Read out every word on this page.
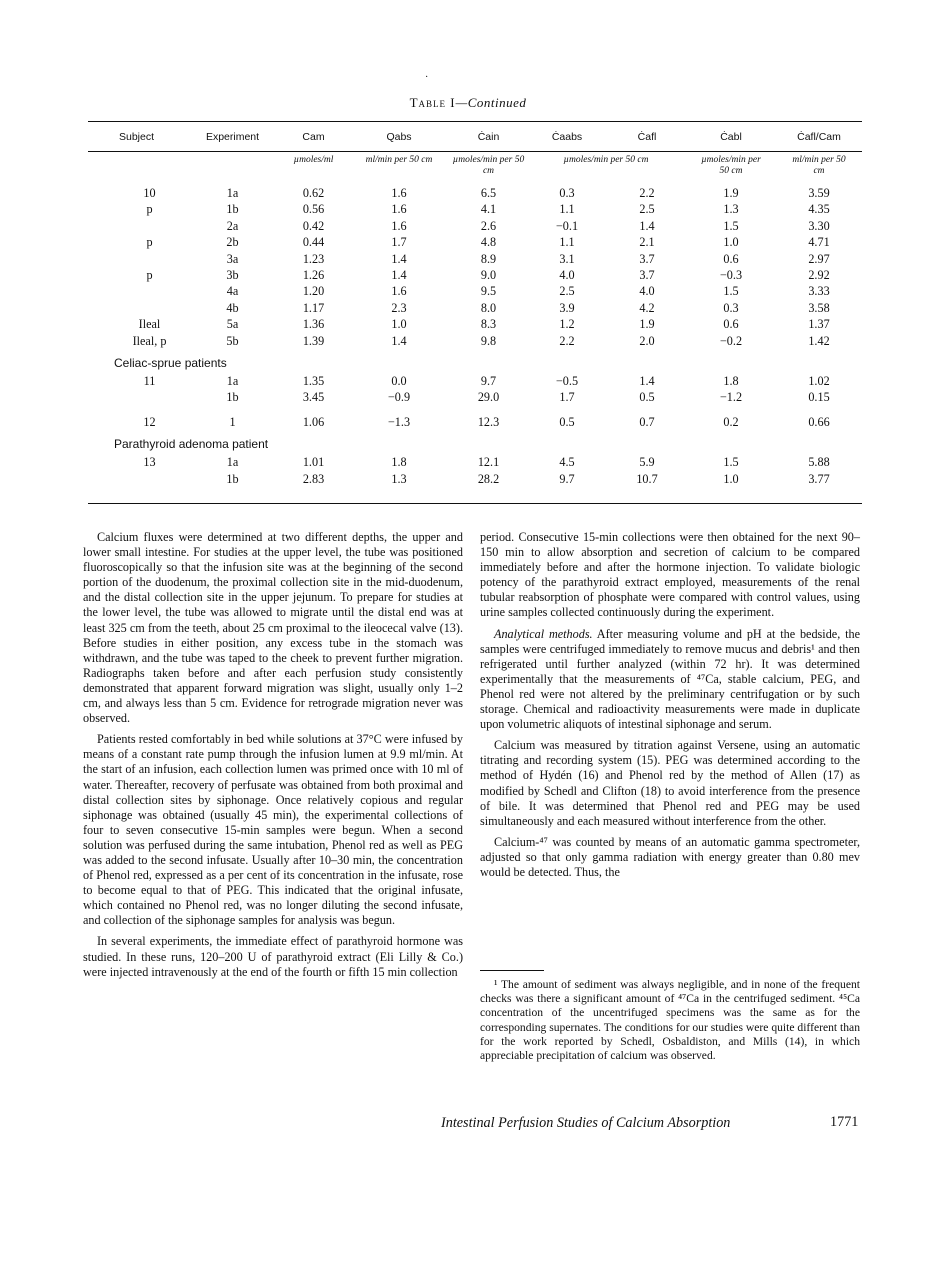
·
Table I—Continued
Subject	Experiment	Cam	Qabs	Ċain	Ċaabs	Ċafl	Ċabl	Ċafl/Cam
		µmoles/ml	ml/min per 50 cm	µmoles/min per 50 cm	µmoles/min per 50 cm		µmoles/min per 50 cm	ml/min per 50 cm
10	1a	0.62	1.6	6.5	0.3	2.2	1.9	3.59
p	1b	0.56	1.6	4.1	1.1	2.5	1.3	4.35
	2a	0.42	1.6	2.6	−0.1	1.4	1.5	3.30
p	2b	0.44	1.7	4.8	1.1	2.1	1.0	4.71
	3a	1.23	1.4	8.9	3.1	3.7	0.6	2.97
p	3b	1.26	1.4	9.0	4.0	3.7	−0.3	2.92
	4a	1.20	1.6	9.5	2.5	4.0	1.5	3.33
	4b	1.17	2.3	8.0	3.9	4.2	0.3	3.58
Ileal	5a	1.36	1.0	8.3	1.2	1.9	0.6	1.37
Ileal, p	5b	1.39	1.4	9.8	2.2	2.0	−0.2	1.42
Celiac-sprue patients								
11	1a	1.35	0.0	9.7	−0.5	1.4	1.8	1.02
	1b	3.45	−0.9	29.0	1.7	0.5	−1.2	0.15

12	1	1.06	−1.3	12.3	0.5	0.7	0.2	0.66
Parathyroid adenoma patient								
13	1a	1.01	1.8	12.1	4.5	5.9	1.5	5.88
	1b	2.83	1.3	28.2	9.7	10.7	1.0	3.77

Calcium fluxes were determined at two different depths, the upper and lower small intestine. For studies at the upper level, the tube was positioned fluoroscopically so that the infusion site was at the beginning of the second portion of the duodenum, the proximal collection site in the mid-duodenum, and the distal collection site in the upper jejunum. To prepare for studies at the lower level, the tube was allowed to migrate until the distal end was at least 325 cm from the teeth, about 25 cm proximal to the ileocecal valve (13). Before studies in either position, any excess tube in the stomach was withdrawn, and the tube was taped to the cheek to prevent further migration. Radiographs taken before and after each perfusion study consistently demonstrated that apparent forward migration was slight, usually only 1–2 cm, and always less than 5 cm. Evidence for retrograde migration never was observed.

Patients rested comfortably in bed while solutions at 37°C were infused by means of a constant rate pump through the infusion lumen at 9.9 ml/min. At the start of an infusion, each collection lumen was primed once with 10 ml of water. Thereafter, recovery of perfusate was obtained from both proximal and distal collection sites by siphonage. Once relatively copious and regular siphonage was obtained (usually 45 min), the experimental collections of four to seven consecutive 15-min samples were begun. When a second solution was perfused during the same intubation, Phenol red as well as PEG was added to the second infusate. Usually after 10–30 min, the concentration of Phenol red, expressed as a per cent of its concentration in the infusate, rose to become equal to that of PEG. This indicated that the original infusate, which contained no Phenol red, was no longer diluting the second infusate, and collection of the siphonage samples for analysis was begun.

In several experiments, the immediate effect of parathyroid hormone was studied. In these runs, 120–200 U of parathyroid extract (Eli Lilly & Co.) were injected intravenously at the end of the fourth or fifth 15 min collection

period. Consecutive 15-min collections were then obtained for the next 90–150 min to allow absorption and secretion of calcium to be compared immediately before and after the hormone injection. To validate biologic potency of the parathyroid extract employed, measurements of the renal tubular reabsorption of phosphate were compared with control values, using urine samples collected continuously during the experiment.

Analytical methods. After measuring volume and pH at the bedside, the samples were centrifuged immediately to remove mucus and debris¹ and then refrigerated until further analyzed (within 72 hr). It was determined experimentally that the measurements of ⁴⁷Ca, stable calcium, PEG, and Phenol red were not altered by the preliminary centrifugation or by such storage. Chemical and radioactivity measurements were made in duplicate upon volumetric aliquots of intestinal siphonage and serum.

Calcium was measured by titration against Versene, using an automatic titrating and recording system (15). PEG was determined according to the method of Hydén (16) and Phenol red by the method of Allen (17) as modified by Schedl and Clifton (18) to avoid interference from the presence of bile. It was determined that Phenol red and PEG may be used simultaneously and each measured without interference from the other.

Calcium-⁴⁷ was counted by means of an automatic gamma spectrometer, adjusted so that only gamma radiation with energy greater than 0.80 mev would be detected. Thus, the

¹ The amount of sediment was always negligible, and in none of the frequent checks was there a significant amount of ⁴⁷Ca in the centrifuged sediment. ⁴⁵Ca concentration of the uncentrifuged specimens was the same as for the corresponding supernates. The conditions for our studies were quite different than for the work reported by Schedl, Osbaldiston, and Mills (14), in which appreciable precipitation of calcium was observed.

Intestinal Perfusion Studies of Calcium Absorption	1771
